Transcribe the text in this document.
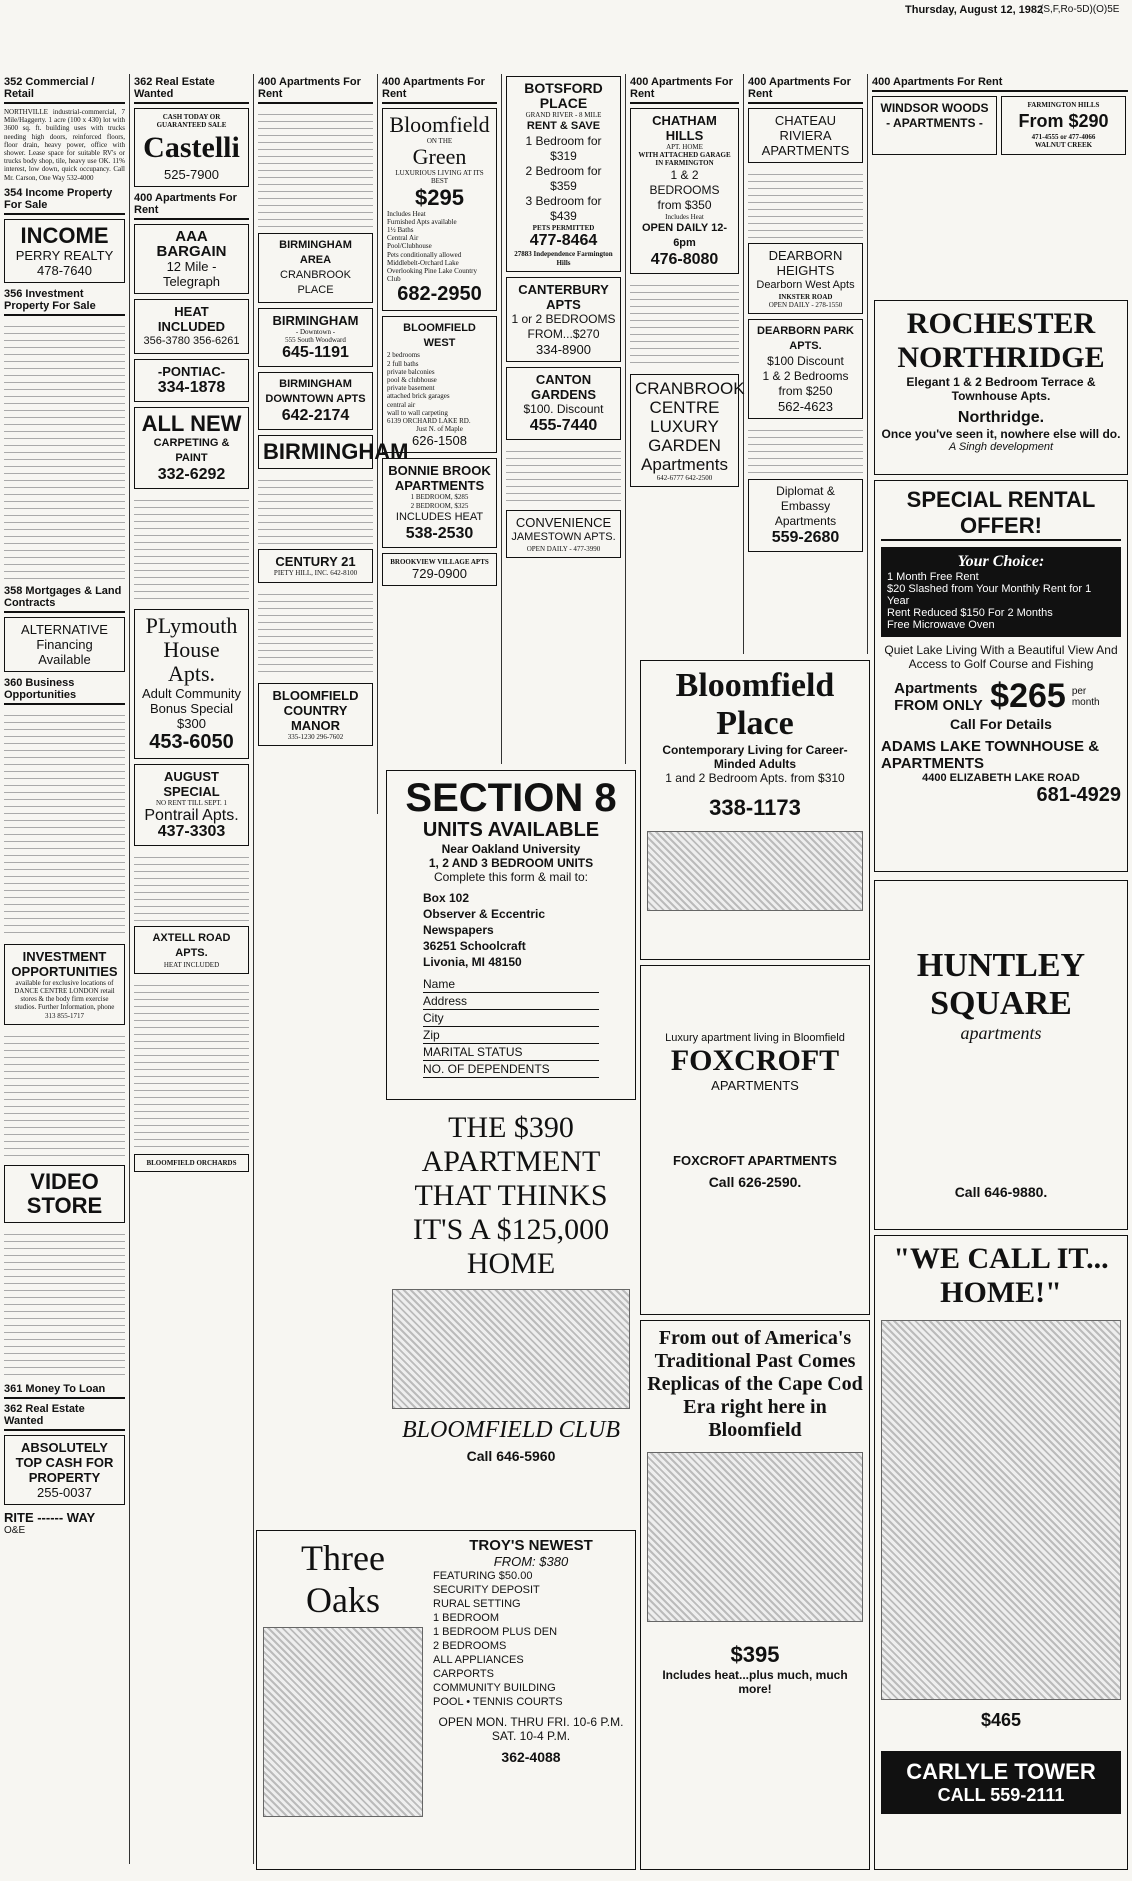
Thursday, August 12, 1982
(S,F,Ro-5D)(O)5E
352 Commercial / Retail
NORTHVILLE industrial-commercial, 7 Mile/Haggerty. 1 acre (100 x 430) lot with 3600 sq. ft. building uses with trucks needing high doors, reinforced floors, floor drain, heavy power, office with shower. Lease space for suitable RV's or trucks body shop, tile, heavy use OK. 11% interest, low down, quick occupancy. Call Mr. Carson, One Way 532-4000
354 Income Property For Sale
INCOME
PERRY REALTY
478-7640
356 Investment Property For Sale
358 Mortgages & Land Contracts
ALTERNATIVE Financing Available
360 Business Opportunities
INVESTMENT OPPORTUNITIES
available for exclusive locations of DANCE CENTRE LONDON retail stores & the body firm exercise studios. Further Information, phone 313 855-1717
VIDEO STORE
361 Money To Loan
362 Real Estate Wanted
ABSOLUTELY TOP CASH FOR PROPERTY
255-0037
RITE ------ WAY
O&E
362 Real Estate Wanted
CASH TODAY OR GUARANTEED SALE
Castelli
525-7900
400 Apartments For Rent
AAA BARGAIN
12 Mile - Telegraph
HEAT INCLUDED
356-3780 356-6261
-PONTIAC-
334-1878
ALL NEW
CARPETING & PAINT
332-6292
PLymouth House Apts.
Adult Community
Bonus Special
$300
453-6050
AUGUST SPECIAL
NO RENT TILL SEPT. 1
Pontrail Apts.
437-3303
AXTELL ROAD APTS.
HEAT INCLUDED
BLOOMFIELD ORCHARDS
400 Apartments For Rent
BIRMINGHAM AREA
CRANBROOK PLACE
BIRMINGHAM
- Downtown -
555 South Woodward
645-1191
BIRMINGHAM DOWNTOWN APTS
642-2174
BIRMINGHAM
CENTURY 21
PIETY HILL, INC. 642-8100
BLOOMFIELD COUNTRY MANOR
335-1230 296-7602
400 Apartments For Rent
Bloomfield
ON THE
Green
LUXURIOUS LIVING AT ITS BEST
$295
Includes Heat
Furnished Apts available
1½ Baths
Central Air
Pool/Clubhouse
Pets conditionally allowed
Middlebelt-Orchard Lake
Overlooking Pine Lake Country Club
682-2950
BLOOMFIELD WEST
2 bedrooms
2 full baths
private balconies
pool & clubhouse
private basement
attached brick garages
central air
wall to wall carpeting
6139 ORCHARD LAKE RD.
Just N. of Maple
626-1508
BONNIE BROOK APARTMENTS
1 BEDROOM, $285
2 BEDROOM, $325
INCLUDES HEAT
538-2530
BROOKVIEW VILLAGE APTS
729-0900
BOTSFORD PLACE
GRAND RIVER - 8 MILE
RENT & SAVE
1 Bedroom for $319
2 Bedroom for $359
3 Bedroom for $439
PETS PERMITTED
477-8464
27883 Independence Farmington Hills
CANTERBURY APTS
1 or 2 BEDROOMS
FROM...$270
334-8900
CANTON GARDENS
$100. Discount
455-7440
CONVENIENCE
JAMESTOWN APTS.
OPEN DAILY - 477-3990
400 Apartments For Rent
CHATHAM HILLS
APT. HOME
WITH ATTACHED GARAGE IN FARMINGTON
1 & 2 BEDROOMS
from $350
Includes Heat
OPEN DAILY 12-6pm
476-8080
CRANBROOK CENTRE LUXURY GARDEN Apartments
642-6777 642-2500
400 Apartments For Rent
CHATEAU RIVIERA APARTMENTS
DEARBORN HEIGHTS
Dearborn West Apts
INKSTER ROAD
OPEN DAILY - 278-1550
DEARBORN PARK APTS.
$100 Discount
1 & 2 Bedrooms
from $250
562-4623
Diplomat & Embassy Apartments
559-2680
400 Apartments For Rent
WINDSOR WOODS - APARTMENTS -
FARMINGTON HILLS
From $290
471-4555 or 477-4066
WALNUT CREEK
ROCHESTER
NORTHRIDGE
Elegant 1 & 2 Bedroom Terrace & Townhouse Apts.
Northridge.
Once you've seen it, nowhere else will do.
A Singh development
SPECIAL RENTAL OFFER!
Your Choice:
1 Month Free Rent
$20 Slashed from Your Monthly Rent for 1 Year
Rent Reduced $150 For 2 Months
Free Microwave Oven
Quiet Lake Living With a Beautiful View And Access to Golf Course and Fishing
Apartments FROM ONLY $265 per month
Call For Details
ADAMS LAKE TOWNHOUSE & APARTMENTS
4400 ELIZABETH LAKE ROAD
681-4929
Bloomfield Place
Contemporary Living for Career-Minded Adults
1 and 2 Bedroom Apts. from $310
338-1173
SECTION 8
UNITS AVAILABLE
Near Oakland University
1, 2 AND 3 BEDROOM UNITS
Complete this form & mail to:
Box 102
Observer & Eccentric Newspapers
36251 Schoolcraft
Livonia, MI 48150
Name
Address
City
Zip
MARITAL STATUS
NO. OF DEPENDENTS
THE $390 APARTMENT THAT THINKS IT'S A $125,000 HOME
BLOOMFIELD CLUB
Call 646-5960
Luxury apartment living in Bloomfield
FOXCROFT
APARTMENTS
FOXCROFT APARTMENTS
Call 626-2590.
HUNTLEY SQUARE
apartments
Call 646-9880.
From out of America's Traditional Past Comes Replicas of the Cape Cod Era right here in Bloomfield
$395
Includes heat...plus much, much more!
Three Oaks
TROY'S NEWEST
FROM: $380
FEATURING $50.00
SECURITY DEPOSIT
RURAL SETTING
1 BEDROOM
1 BEDROOM PLUS DEN
2 BEDROOMS
ALL APPLIANCES
CARPORTS
COMMUNITY BUILDING
POOL • TENNIS COURTS
OPEN MON. THRU FRI. 10-6 P.M. SAT. 10-4 P.M.
362-4088
"WE CALL IT... HOME!"
$465
CARLYLE TOWER
CALL 559-2111
